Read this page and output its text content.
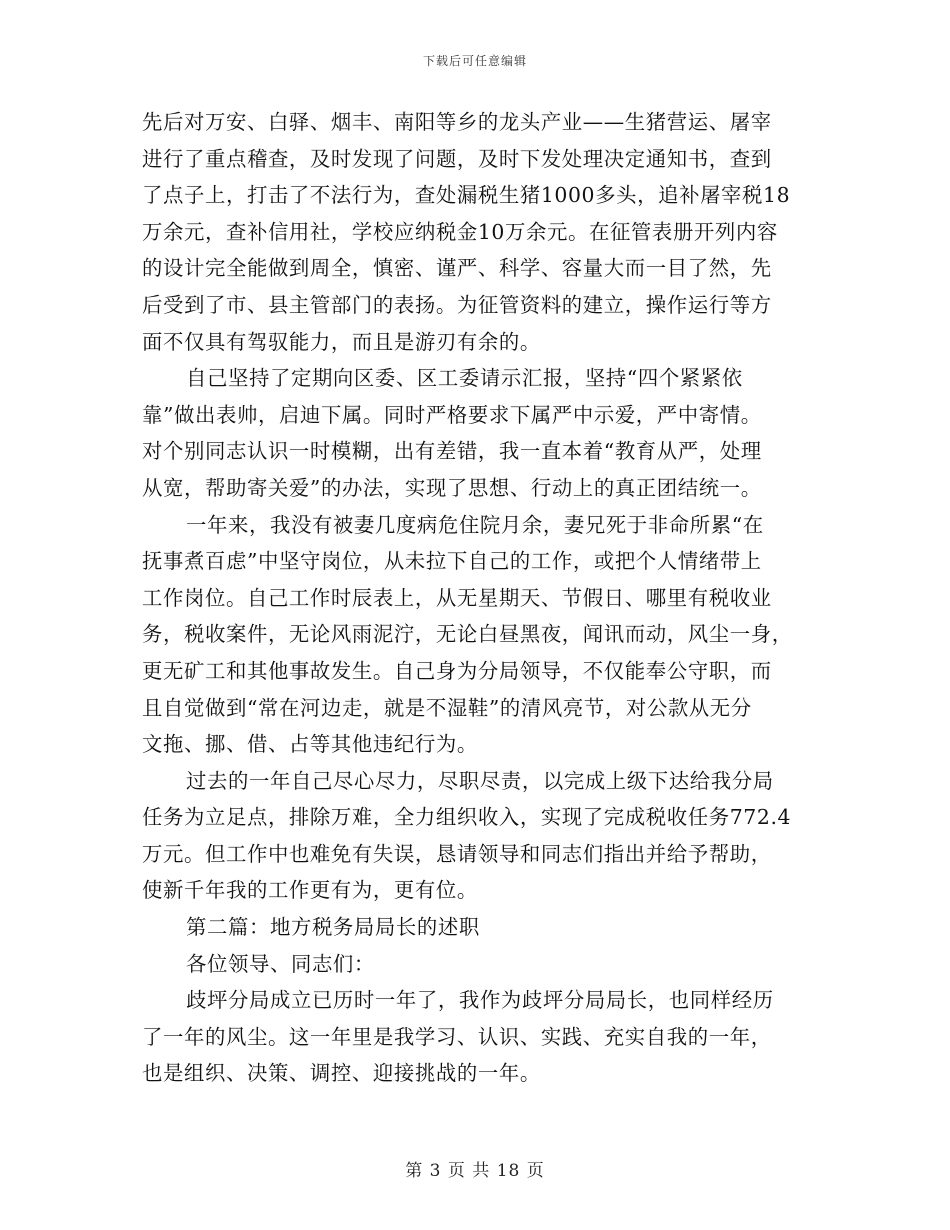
下载后可任意编辑
先后对万安、白驿、烟丰、南阳等乡的龙头产业——生猪营运、屠宰
进行了重点稽查，及时发现了问题，及时下发处理决定通知书，查到
了点子上，打击了不法行为，查处漏税生猪1000多头，追补屠宰税18
万余元，查补信用社，学校应纳税金10万余元。在征管表册开列内容
的设计完全能做到周全，慎密、谨严、科学、容量大而一目了然，先
后受到了市、县主管部门的表扬。为征管资料的建立，操作运行等方
面不仅具有驾驭能力，而且是游刃有余的。
自己坚持了定期向区委、区工委请示汇报，坚持“四个紧紧依
靠”做出表帅，启迪下属。同时严格要求下属严中示爱，严中寄情。
对个别同志认识一时模糊，出有差错，我一直本着“教育从严，处理
从宽，帮助寄关爱”的办法，实现了思想、行动上的真正团结统一。
一年来，我没有被妻几度病危住院月余，妻兄死于非命所累“在
抚事煮百虑”中坚守岗位，从未拉下自己的工作，或把个人情绪带上
工作岗位。自己工作时辰表上，从无星期天、节假日、哪里有税收业
务，税收案件，无论风雨泥泞，无论白昼黑夜，闻讯而动，风尘一身，
更无矿工和其他事故发生。自己身为分局领导，不仅能奉公守职，而
且自觉做到“常在河边走，就是不湿鞋”的清风亮节，对公款从无分
文拖、挪、借、占等其他违纪行为。
过去的一年自己尽心尽力，尽职尽责，以完成上级下达给我分局
任务为立足点，排除万难，全力组织收入，实现了完成税收任务772.4
万元。但工作中也难免有失误，恳请领导和同志们指出并给予帮助，
使新千年我的工作更有为，更有位。
第二篇：地方税务局局长的述职
各位领导、同志们：
歧坪分局成立已历时一年了，我作为歧坪分局局长，也同样经历
了一年的风尘。这一年里是我学习、认识、实践、充实自我的一年，
也是组织、决策、调控、迎接挑战的一年。
第 3 页 共 18 页
